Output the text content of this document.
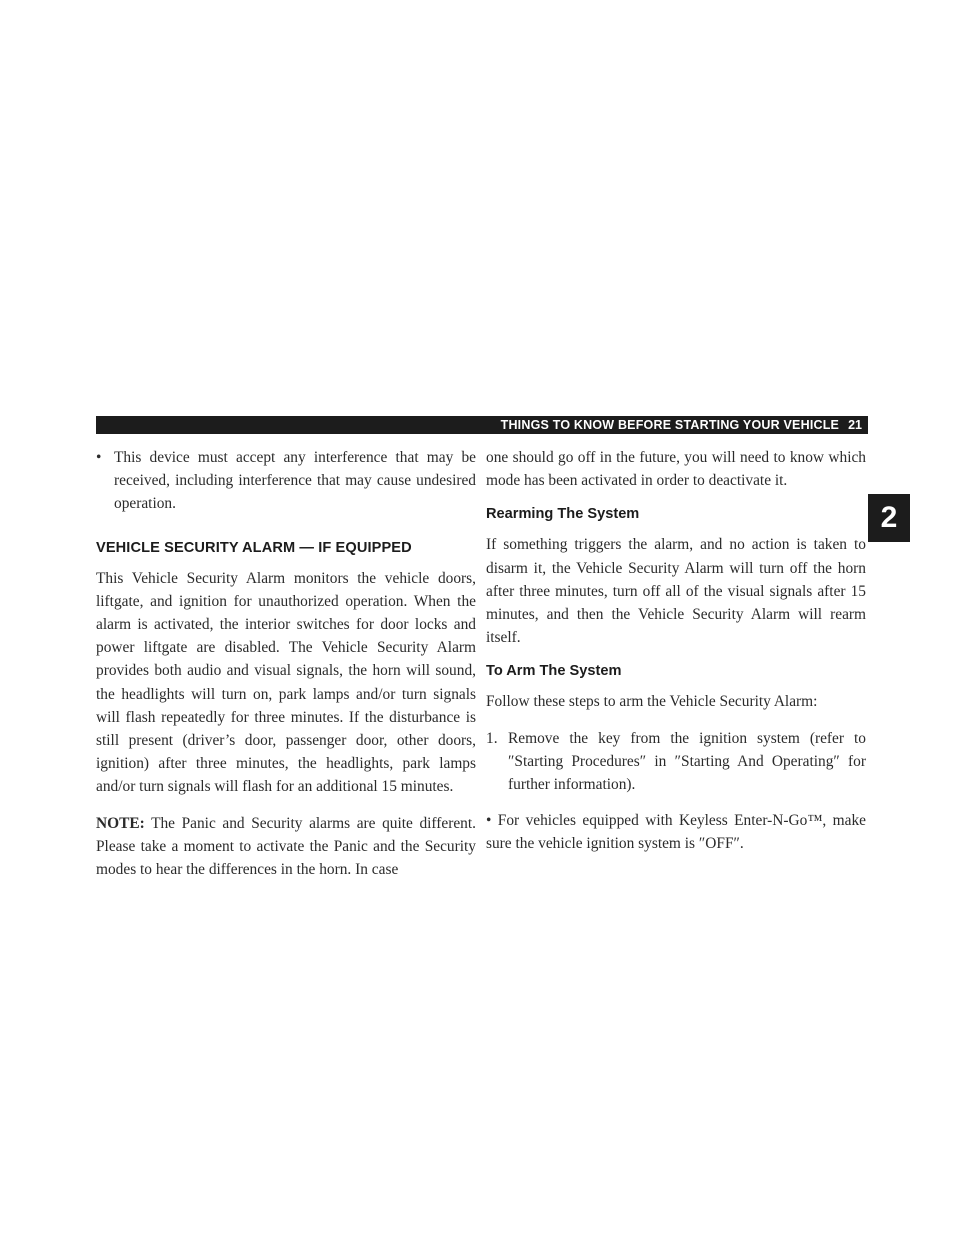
THINGS TO KNOW BEFORE STARTING YOUR VEHICLE 21
2
• This device must accept any interference that may be received, including interference that may cause undesired operation.
VEHICLE SECURITY ALARM — IF EQUIPPED

This Vehicle Security Alarm monitors the vehicle doors, liftgate, and ignition for unauthorized operation. When the alarm is activated, the interior switches for door locks and power liftgate are disabled. The Vehicle Security Alarm provides both audio and visual signals, the horn will sound, the headlights will turn on, park lamps and/or turn signals will flash repeatedly for three minutes. If the disturbance is still present (driver’s door, passenger door, other doors, ignition) after three minutes, the headlights, park lamps and/or turn signals will flash for an additional 15 minutes.

NOTE: The Panic and Security alarms are quite different. Please take a moment to activate the Panic and the Security modes to hear the differences in the horn. In case

one should go off in the future, you will need to know which mode has been activated in order to deactivate it.

Rearming The System

If something triggers the alarm, and no action is taken to disarm it, the Vehicle Security Alarm will turn off the horn after three minutes, turn off all of the visual signals after 15 minutes, and then the Vehicle Security Alarm will rearm itself.

To Arm The System

Follow these steps to arm the Vehicle Security Alarm:

1. Remove the key from the ignition system (refer to ″Starting Procedures″ in ″Starting And Operating″ for further information).

• For vehicles equipped with Keyless Enter-N-Go™, make sure the vehicle ignition system is ″OFF″.
